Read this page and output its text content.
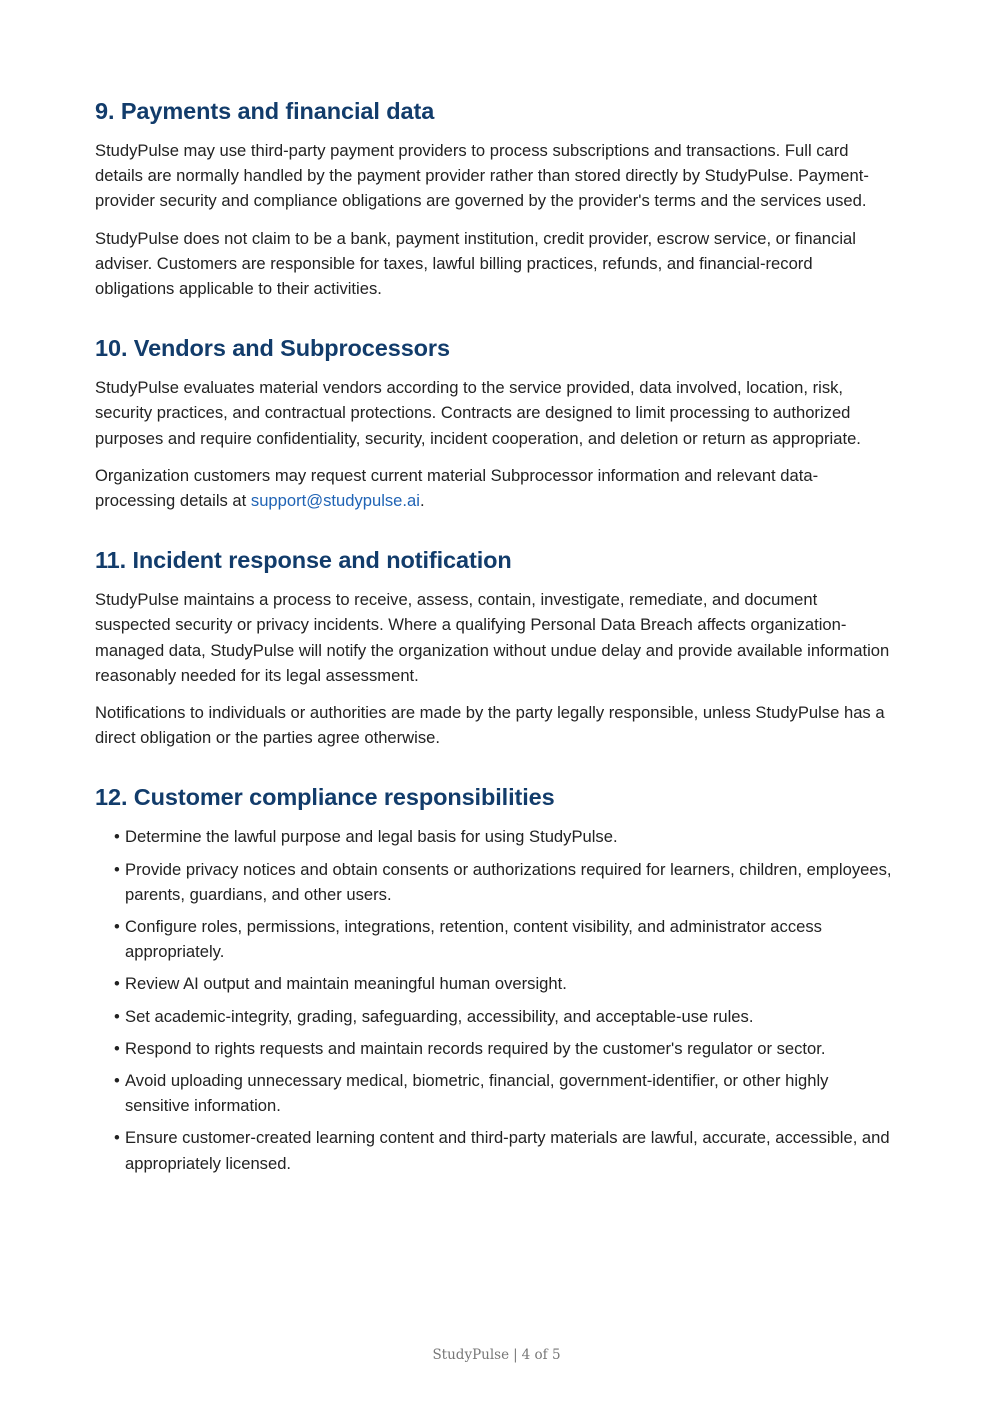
9. Payments and financial data

StudyPulse may use third-party payment providers to process subscriptions and transactions. Full card details are normally handled by the payment provider rather than stored directly by StudyPulse. Payment-provider security and compliance obligations are governed by the provider's terms and the services used.

StudyPulse does not claim to be a bank, payment institution, credit provider, escrow service, or financial adviser. Customers are responsible for taxes, lawful billing practices, refunds, and financial-record obligations applicable to their activities.

10. Vendors and Subprocessors

StudyPulse evaluates material vendors according to the service provided, data involved, location, risk, security practices, and contractual protections. Contracts are designed to limit processing to authorized purposes and require confidentiality, security, incident cooperation, and deletion or return as appropriate.

Organization customers may request current material Subprocessor information and relevant data-processing details at support@studypulse.ai.

11. Incident response and notification

StudyPulse maintains a process to receive, assess, contain, investigate, remediate, and document suspected security or privacy incidents. Where a qualifying Personal Data Breach affects organization-managed data, StudyPulse will notify the organization without undue delay and provide available information reasonably needed for its legal assessment.

Notifications to individuals or authorities are made by the party legally responsible, unless StudyPulse has a direct obligation or the parties agree otherwise.

12. Customer compliance responsibilities
• Determine the lawful purpose and legal basis for using StudyPulse.
• Provide privacy notices and obtain consents or authorizations required for learners, children, employees, parents, guardians, and other users.
• Configure roles, permissions, integrations, retention, content visibility, and administrator access appropriately.
• Review AI output and maintain meaningful human oversight.
• Set academic-integrity, grading, safeguarding, accessibility, and acceptable-use rules.
• Respond to rights requests and maintain records required by the customer's regulator or sector.
• Avoid uploading unnecessary medical, biometric, financial, government-identifier, or other highly sensitive information.
• Ensure customer-created learning content and third-party materials are lawful, accurate, accessible, and appropriately licensed.
StudyPulse | 4 of 5
